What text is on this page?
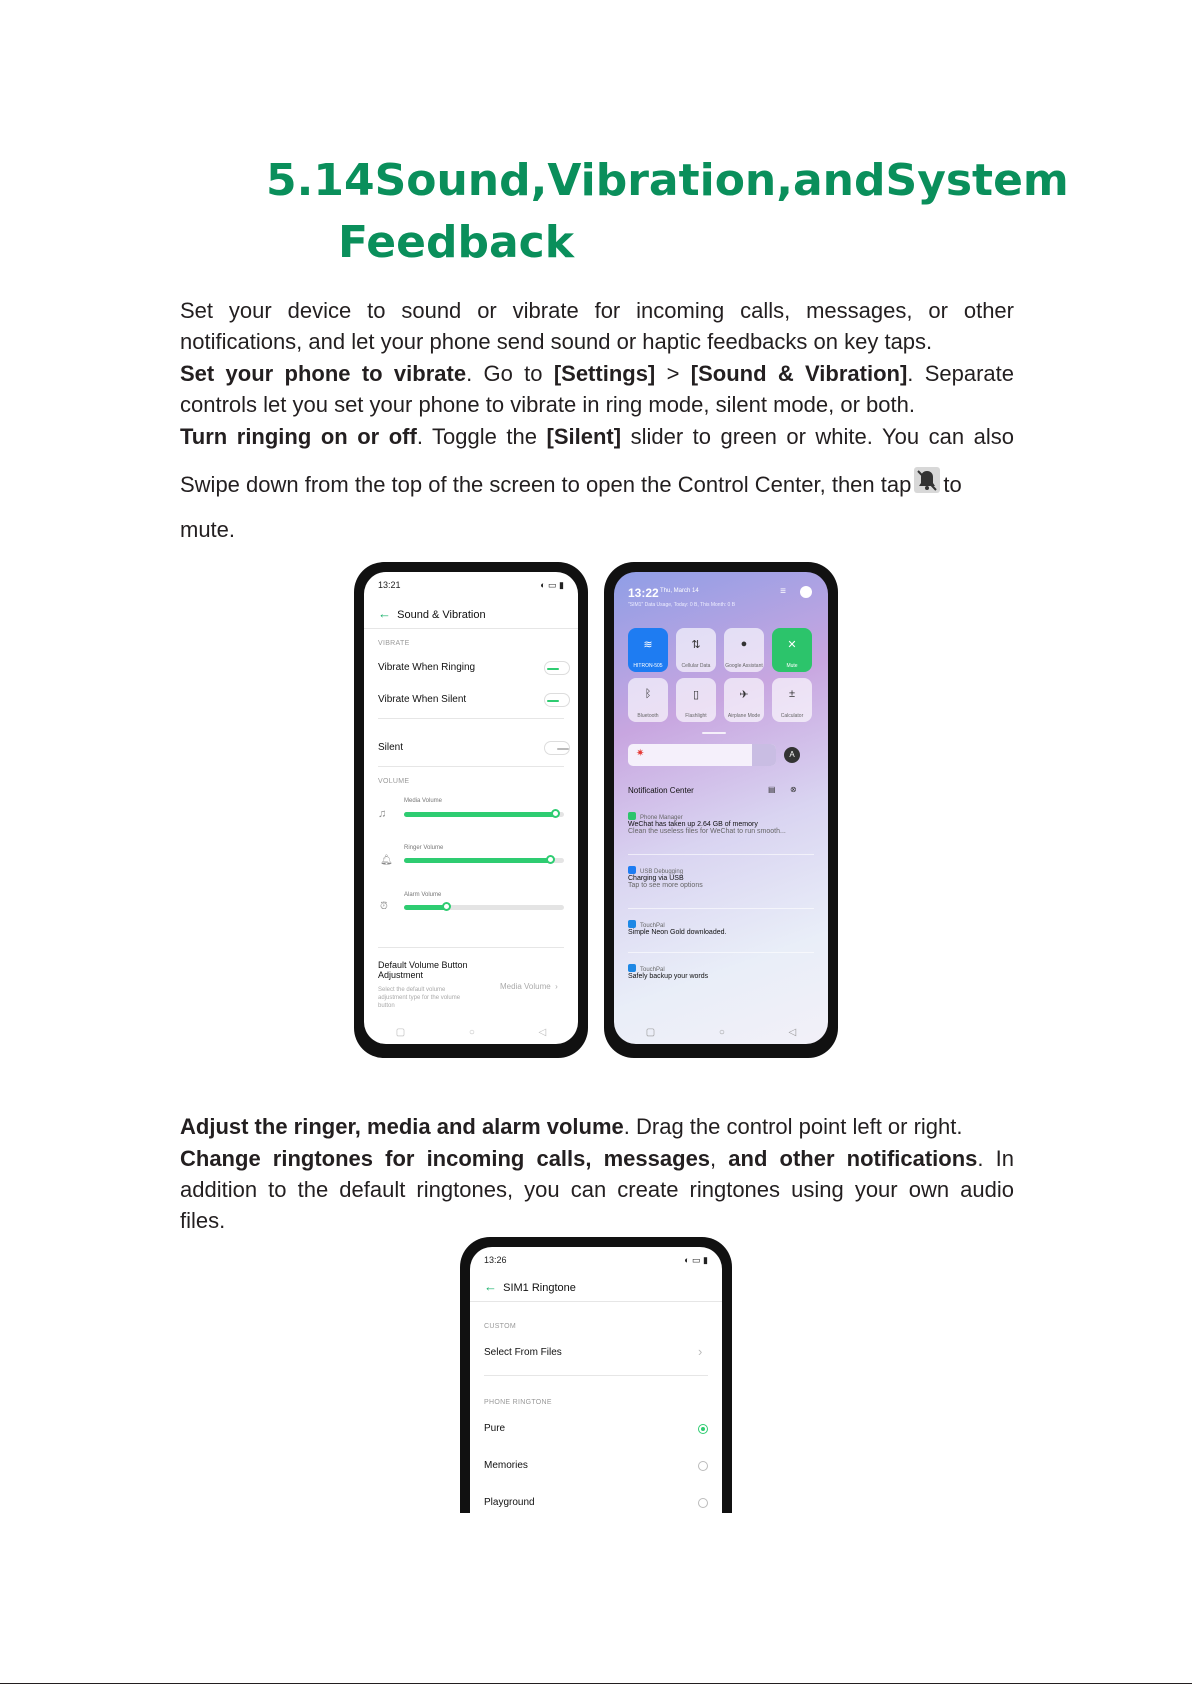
5.14 Sound, Vibration, and System
Feedback
Set your device to sound or vibrate for incoming calls, messages, or other
notifications, and let your phone send sound or haptic feedbacks on key taps.
Set your phone to vibrate. Go to [Settings] > [Sound & Vibration]. Separate
controls let you set your phone to vibrate in ring mode, silent mode, or both.
Turn ringing on or off. Toggle the [Silent] slider to green or white. You can also
Swipe down from the top of the screen to open the Control Center, then tap to
mute.
13:21	◐ ▭ ▮
← Sound & Vibration
VIBRATE
Vibrate When Ringing
Vibrate When Silent
Silent
VOLUME
♫
Media Volume
🔔︎
Ringer Volume
⏰︎
Alarm Volume
Default Volume Button
Adjustment
Select the default volume
adjustment type for the volume
button
Media Volume ›
▢	○	◁
13:22 Thu, March 14
"SIM1" Data Usage, Today: 0 B, This Month: 0 B
≡
≋
HITRON-505
⇅
Cellular Data
●
Google Assistant
✕
Mute
ᛒ
Bluetooth
▯
Flashlight
✈
Airplane Mode
±
Calculator
✷	A
Notification Center	▤ ⊗
Phone Manager
WeChat has taken up 2.64 GB of memory
Clean the useless files for WeChat to run smooth...
USB Debugging
Charging via USB
Tap to see more options
TouchPal
Simple Neon Gold downloaded.
TouchPal
Safely backup your words
▢	○	◁
Adjust the ringer, media and alarm volume. Drag the control point left or right.
Change ringtones for incoming calls, messages, and other notifications. In
addition to the default ringtones, you can create ringtones using your own audio
files.
13:26	◐ ▭ ▮
← SIM1 Ringtone
CUSTOM
Select From Files	›
PHONE RINGTONE
Pure
Memories
Playground
